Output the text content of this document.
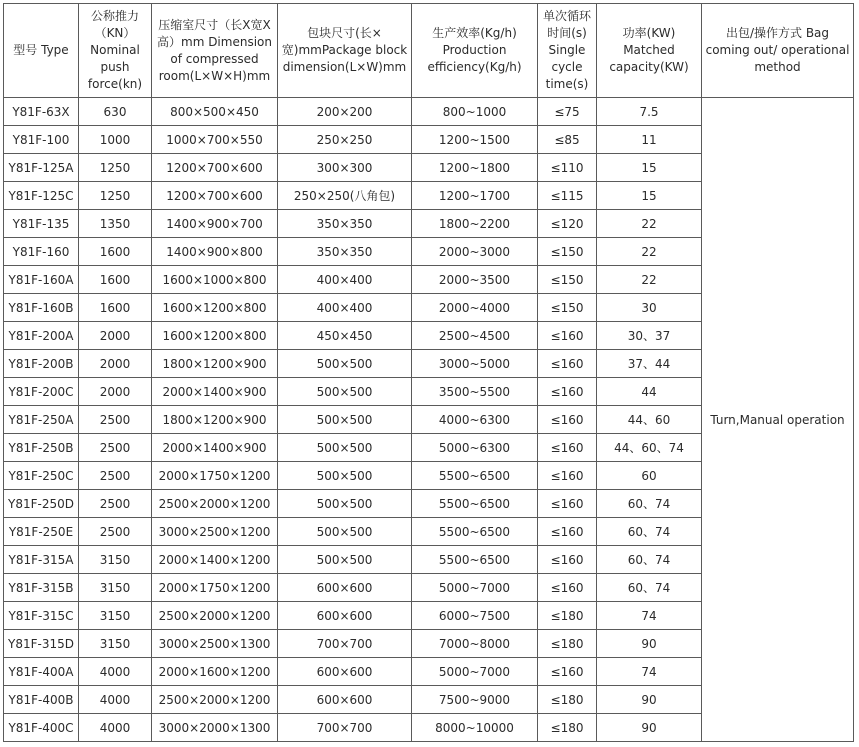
型号 Type	公称推力（KN）Nominal push force(kn)	压缩室尺寸（长X宽X高）mm Dimension of compressed room(L×W×H)mm	包块尺寸(长×宽)mmPackage block dimension(L×W)mm	生产效率(Kg/h) Production efficiency(Kg/h)	单次循环时间(s) Single cycle time(s)	功率(KW) Matched capacity(KW)	出包/操作方式 Bag coming out/ operational method
Y81F-63X	630	800×500×450	200×200	800~1000	≤75	7.5	Turn,Manual operation
Y81F-100	1000	1000×700×550	250×250	1200~1500	≤85	11	
Y81F-125A	1250	1200×700×600	300×300	1200~1800	≤110	15	
Y81F-125C	1250	1200×700×600	250×250(八角包)	1200~1700	≤115	15	
Y81F-135	1350	1400×900×700	350×350	1800~2200	≤120	22	
Y81F-160	1600	1400×900×800	350×350	2000~3000	≤150	22	
Y81F-160A	1600	1600×1000×800	400×400	2000~3500	≤150	22	
Y81F-160B	1600	1600×1200×800	400×400	2000~4000	≤150	30	
Y81F-200A	2000	1600×1200×800	450×450	2500~4500	≤160	30、37	
Y81F-200B	2000	1800×1200×900	500×500	3000~5000	≤160	37、44	
Y81F-200C	2000	2000×1400×900	500×500	3500~5500	≤160	44	
Y81F-250A	2500	1800×1200×900	500×500	4000~6300	≤160	44、60	
Y81F-250B	2500	2000×1400×900	500×500	5000~6300	≤160	44、60、74	
Y81F-250C	2500	2000×1750×1200	500×500	5500~6500	≤160	60	
Y81F-250D	2500	2500×2000×1200	500×500	5500~6500	≤160	60、74	
Y81F-250E	2500	3000×2500×1200	500×500	5500~6500	≤160	60、74	
Y81F-315A	3150	2000×1400×1200	500×500	5500~6500	≤160	60、74	
Y81F-315B	3150	2000×1750×1200	600×600	5000~7000	≤160	60、74	
Y81F-315C	3150	2500×2000×1200	600×600	6000~7500	≤180	74	
Y81F-315D	3150	3000×2500×1300	700×700	7000~8000	≤180	90	
Y81F-400A	4000	2000×1600×1200	600×600	5000~7000	≤160	74	
Y81F-400B	4000	2500×2000×1200	600×600	7500~9000	≤180	90	
Y81F-400C	4000	3000×2000×1300	700×700	8000~10000	≤180	90	
